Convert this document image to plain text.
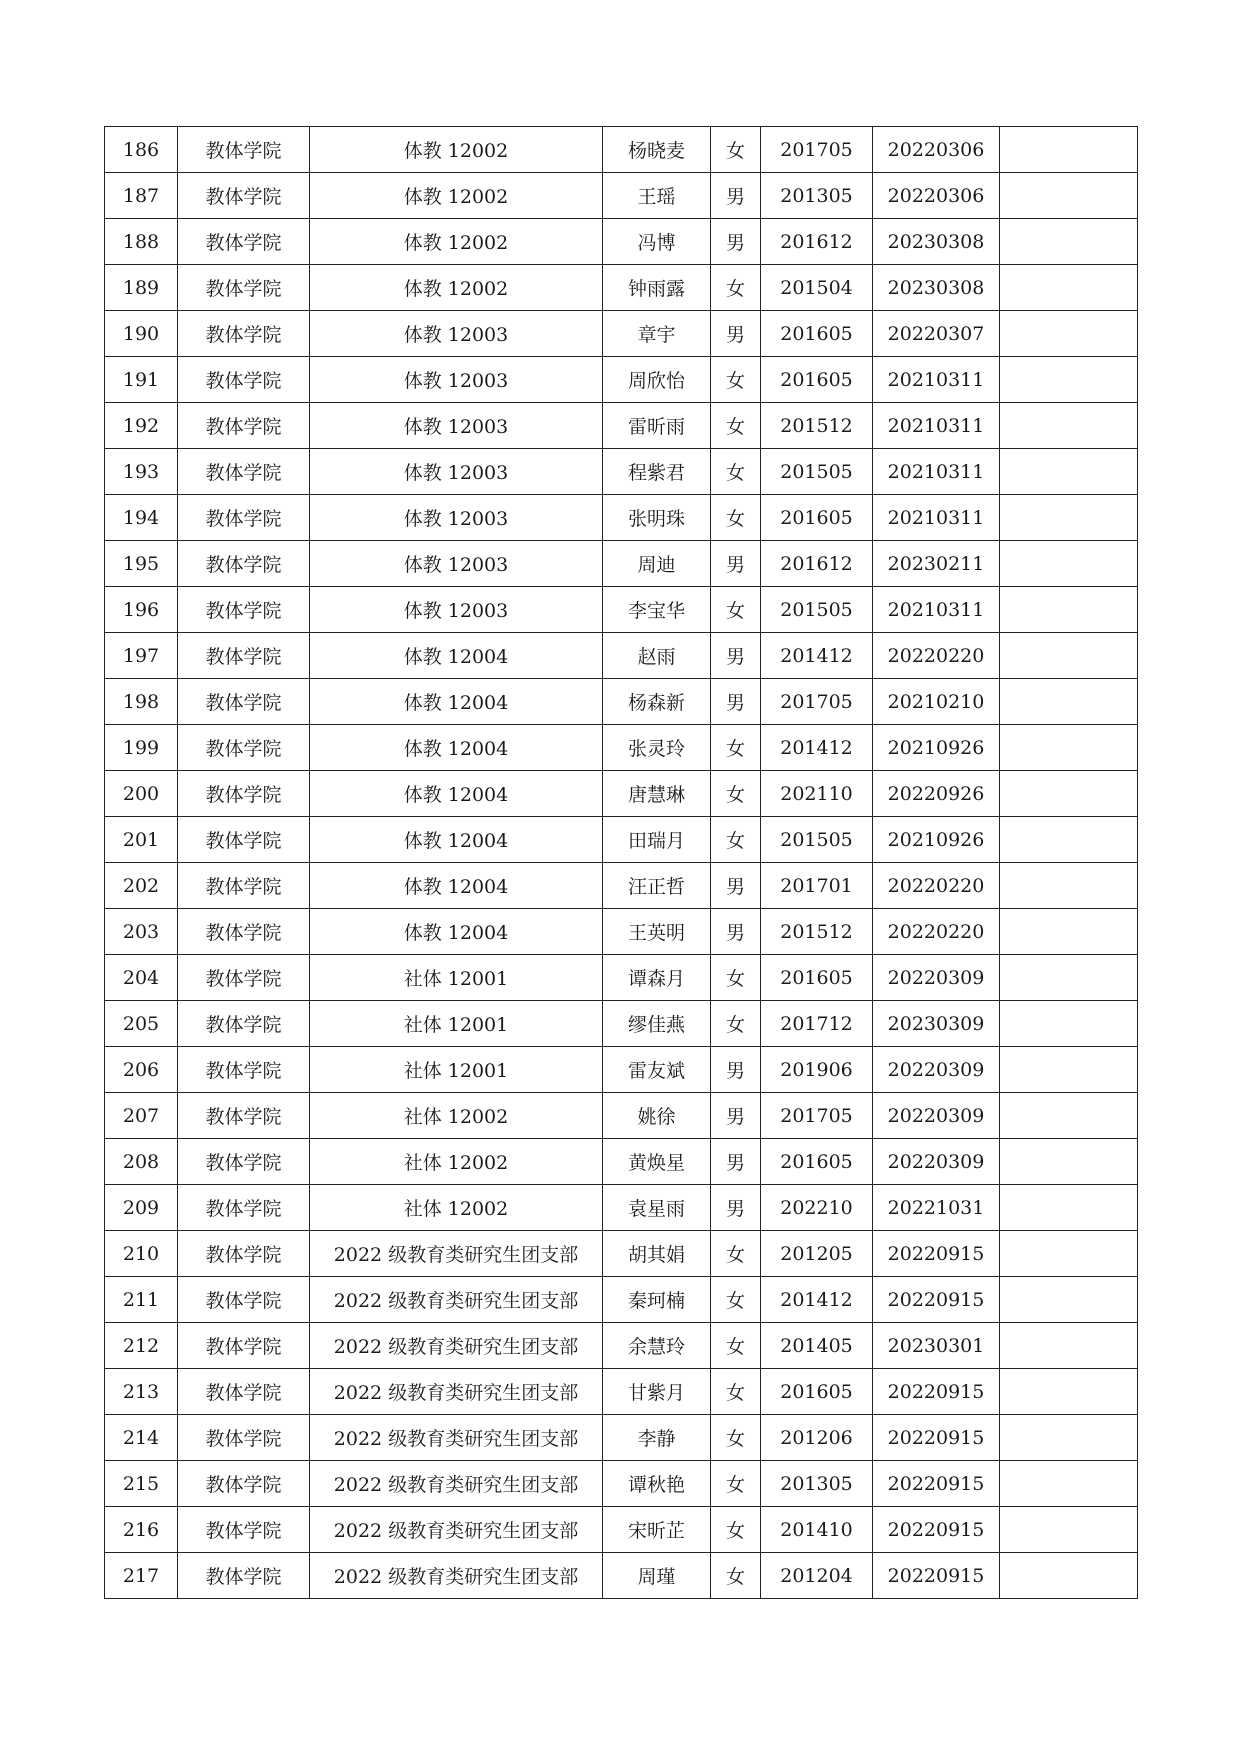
186	教体学院	体教 12002	杨晓麦	女	201705	20220306	
187	教体学院	体教 12002	王瑶	男	201305	20220306	
188	教体学院	体教 12002	冯博	男	201612	20230308	
189	教体学院	体教 12002	钟雨露	女	201504	20230308	
190	教体学院	体教 12003	章宇	男	201605	20220307	
191	教体学院	体教 12003	周欣怡	女	201605	20210311	
192	教体学院	体教 12003	雷昕雨	女	201512	20210311	
193	教体学院	体教 12003	程紫君	女	201505	20210311	
194	教体学院	体教 12003	张明珠	女	201605	20210311	
195	教体学院	体教 12003	周迪	男	201612	20230211	
196	教体学院	体教 12003	李宝华	女	201505	20210311	
197	教体学院	体教 12004	赵雨	男	201412	20220220	
198	教体学院	体教 12004	杨森新	男	201705	20210210	
199	教体学院	体教 12004	张灵玲	女	201412	20210926	
200	教体学院	体教 12004	唐慧琳	女	202110	20220926	
201	教体学院	体教 12004	田瑞月	女	201505	20210926	
202	教体学院	体教 12004	汪正哲	男	201701	20220220	
203	教体学院	体教 12004	王英明	男	201512	20220220	
204	教体学院	社体 12001	谭森月	女	201605	20220309	
205	教体学院	社体 12001	缪佳燕	女	201712	20230309	
206	教体学院	社体 12001	雷友斌	男	201906	20220309	
207	教体学院	社体 12002	姚徐	男	201705	20220309	
208	教体学院	社体 12002	黄焕星	男	201605	20220309	
209	教体学院	社体 12002	袁星雨	男	202210	20221031	
210	教体学院	2022 级教育类研究生团支部	胡其娟	女	201205	20220915	
211	教体学院	2022 级教育类研究生团支部	秦珂楠	女	201412	20220915	
212	教体学院	2022 级教育类研究生团支部	余慧玲	女	201405	20230301	
213	教体学院	2022 级教育类研究生团支部	甘紫月	女	201605	20220915	
214	教体学院	2022 级教育类研究生团支部	李静	女	201206	20220915	
215	教体学院	2022 级教育类研究生团支部	谭秋艳	女	201305	20220915	
216	教体学院	2022 级教育类研究生团支部	宋昕芷	女	201410	20220915	
217	教体学院	2022 级教育类研究生团支部	周瑾	女	201204	20220915	
